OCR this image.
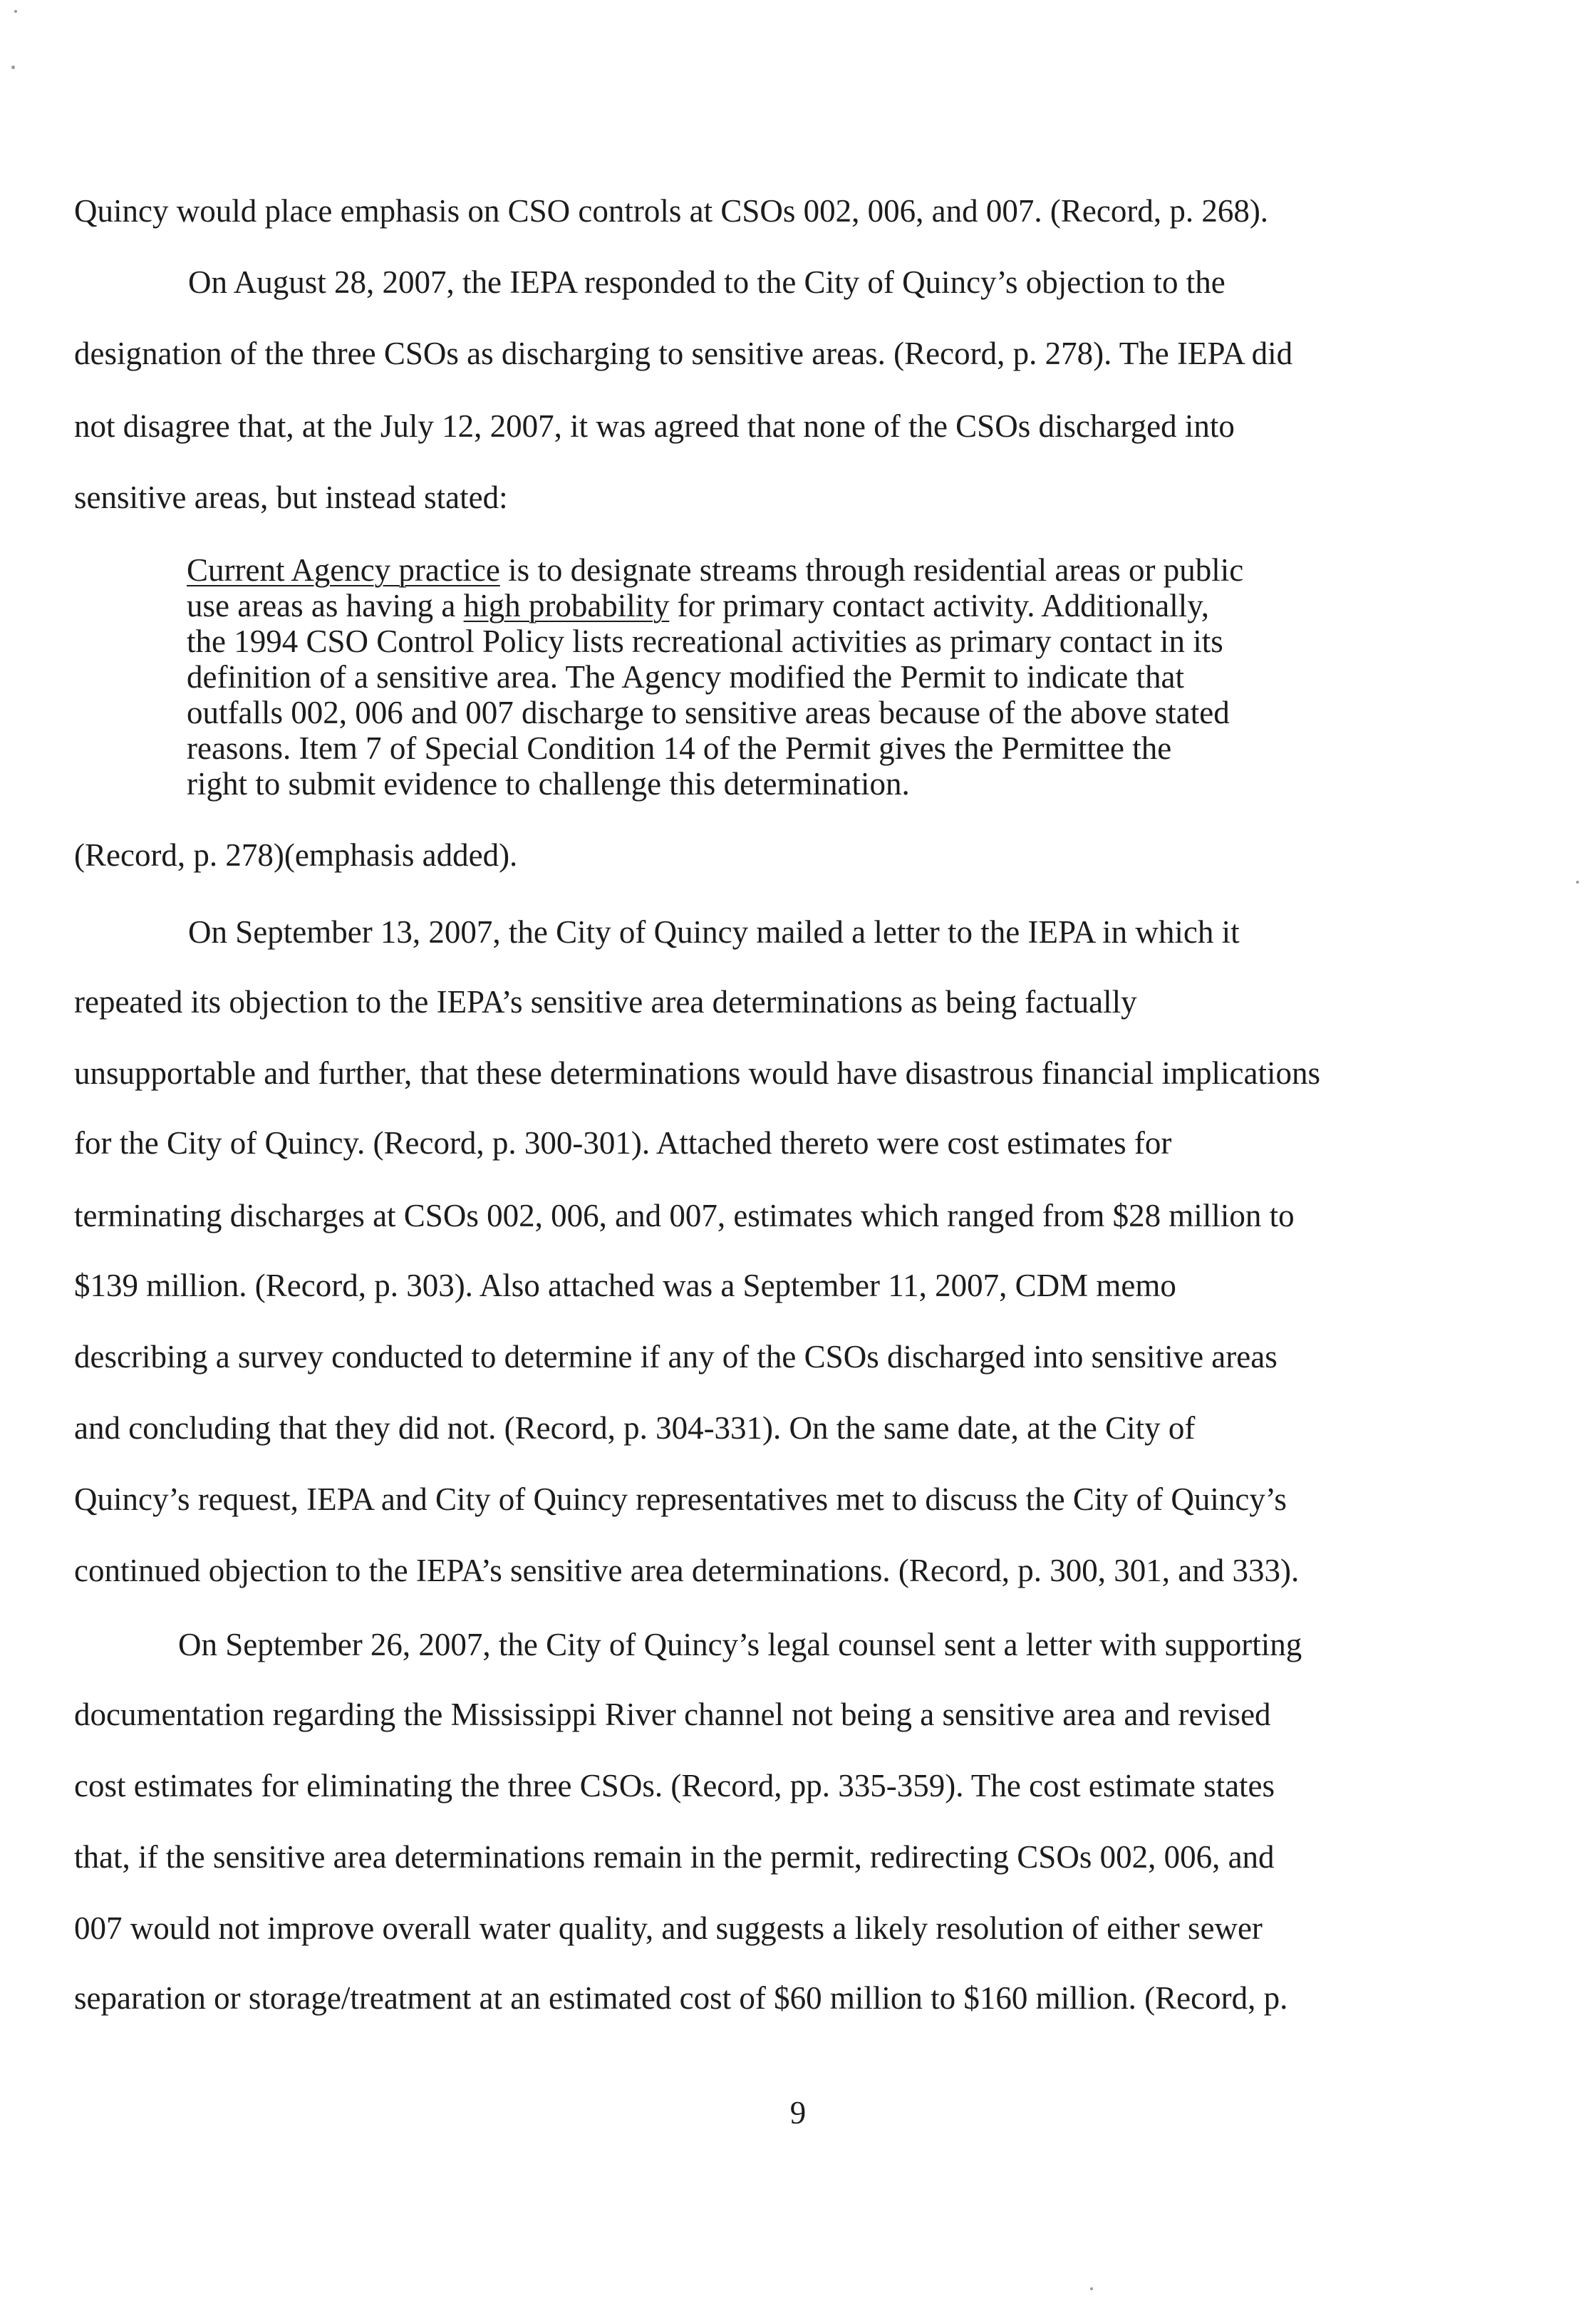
Quincy would place emphasis on CSO controls at CSOs 002, 006, and 007. (Record, p. 268).
On August 28, 2007, the IEPA responded to the City of Quincy’s objection to the
designation of the three CSOs as discharging to sensitive areas. (Record, p. 278). The IEPA did
not disagree that, at the July 12, 2007, it was agreed that none of the CSOs discharged into
sensitive areas, but instead stated:
Current Agency practice is to designate streams through residential areas or public
use areas as having a high probability for primary contact activity. Additionally,
the 1994 CSO Control Policy lists recreational activities as primary contact in its
definition of a sensitive area. The Agency modified the Permit to indicate that
outfalls 002, 006 and 007 discharge to sensitive areas because of the above stated
reasons. Item 7 of Special Condition 14 of the Permit gives the Permittee the
right to submit evidence to challenge this determination.
(Record, p. 278)(emphasis added).
On September 13, 2007, the City of Quincy mailed a letter to the IEPA in which it
repeated its objection to the IEPA’s sensitive area determinations as being factually
unsupportable and further, that these determinations would have disastrous financial implications
for the City of Quincy. (Record, p. 300-301). Attached thereto were cost estimates for
terminating discharges at CSOs 002, 006, and 007, estimates which ranged from $28 million to
$139 million. (Record, p. 303). Also attached was a September 11, 2007, CDM memo
describing a survey conducted to determine if any of the CSOs discharged into sensitive areas
and concluding that they did not. (Record, p. 304-331). On the same date, at the City of
Quincy’s request, IEPA and City of Quincy representatives met to discuss the City of Quincy’s
continued objection to the IEPA’s sensitive area determinations. (Record, p. 300, 301, and 333).
On September 26, 2007, the City of Quincy’s legal counsel sent a letter with supporting
documentation regarding the Mississippi River channel not being a sensitive area and revised
cost estimates for eliminating the three CSOs. (Record, pp. 335-359). The cost estimate states
that, if the sensitive area determinations remain in the permit, redirecting CSOs 002, 006, and
007 would not improve overall water quality, and suggests a likely resolution of either sewer
separation or storage/treatment at an estimated cost of $60 million to $160 million. (Record, p.
9
